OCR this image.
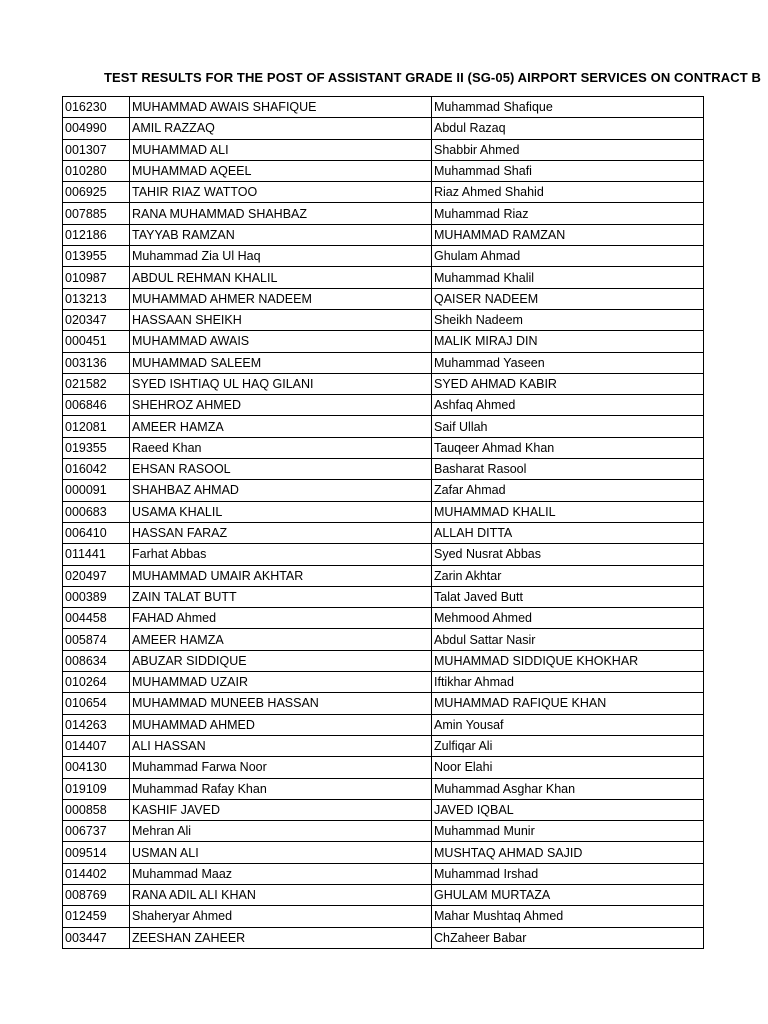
TEST RESULTS FOR THE POST OF ASSISTANT GRADE II (SG-05) AIRPORT SERVICES ON CONTRACT B
016230	MUHAMMAD AWAIS SHAFIQUE	Muhammad Shafique
004990	AMIL RAZZAQ	Abdul Razaq
001307	MUHAMMAD ALI	Shabbir Ahmed
010280	MUHAMMAD AQEEL	Muhammad Shafi
006925	TAHIR RIAZ WATTOO	Riaz Ahmed Shahid
007885	RANA MUHAMMAD SHAHBAZ	Muhammad Riaz
012186	TAYYAB RAMZAN	MUHAMMAD RAMZAN
013955	Muhammad Zia Ul Haq	Ghulam Ahmad
010987	ABDUL REHMAN KHALIL	Muhammad Khalil
013213	MUHAMMAD AHMER NADEEM	QAISER NADEEM
020347	HASSAAN SHEIKH	Sheikh Nadeem
000451	MUHAMMAD AWAIS	MALIK MIRAJ DIN
003136	MUHAMMAD SALEEM	Muhammad Yaseen
021582	SYED ISHTIAQ UL HAQ GILANI	SYED AHMAD KABIR
006846	SHEHROZ AHMED	Ashfaq Ahmed
012081	AMEER HAMZA	Saif Ullah
019355	Raeed Khan	Tauqeer Ahmad Khan
016042	EHSAN RASOOL	Basharat Rasool
000091	SHAHBAZ AHMAD	Zafar Ahmad
000683	USAMA KHALIL	MUHAMMAD KHALIL
006410	HASSAN FARAZ	ALLAH DITTA
011441	Farhat Abbas	Syed Nusrat Abbas
020497	MUHAMMAD UMAIR AKHTAR	Zarin Akhtar
000389	ZAIN TALAT BUTT	Talat Javed Butt
004458	FAHAD Ahmed	Mehmood Ahmed
005874	AMEER HAMZA	Abdul Sattar Nasir
008634	ABUZAR SIDDIQUE	MUHAMMAD SIDDIQUE KHOKHAR
010264	MUHAMMAD UZAIR	Iftikhar Ahmad
010654	MUHAMMAD MUNEEB HASSAN	MUHAMMAD RAFIQUE KHAN
014263	MUHAMMAD AHMED	Amin Yousaf
014407	ALI HASSAN	Zulfiqar Ali
004130	Muhammad Farwa Noor	Noor Elahi
019109	Muhammad Rafay Khan	Muhammad Asghar Khan
000858	KASHIF JAVED	JAVED IQBAL
006737	Mehran Ali	Muhammad Munir
009514	USMAN ALI	MUSHTAQ AHMAD SAJID
014402	Muhammad Maaz	Muhammad Irshad
008769	RANA ADIL ALI KHAN	GHULAM MURTAZA
012459	Shaheryar Ahmed	Mahar Mushtaq Ahmed
003447	ZEESHAN ZAHEER	ChZaheer Babar
